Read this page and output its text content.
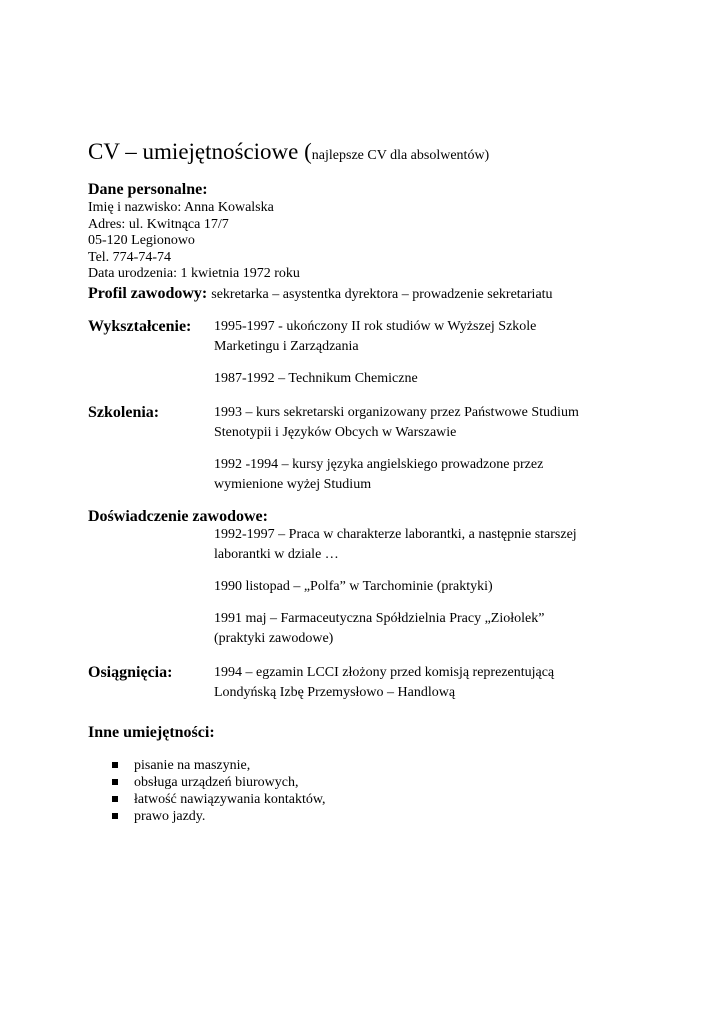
CV – umiejętnościowe (najlepsze CV dla absolwentów)
Dane personalne:
Imię i nazwisko: Anna Kowalska
Adres: ul. Kwitnąca 17/7
05-120 Legionowo
Tel. 774-74-74
Data urodzenia: 1 kwietnia 1972 roku
Profil zawodowy: sekretarka – asystentka dyrektora – prowadzenie sekretariatu
Wykształcenie:	1995-1997 - ukończony II rok studiów w Wyższej Szkole
Marketingu i Zarządzania
1987-1992 – Technikum Chemiczne
Szkolenia:	1993 – kurs sekretarski organizowany przez Państwowe Studium
Stenotypii i Języków Obcych w Warszawie
1992 -1994 – kursy języka angielskiego prowadzone przez
wymienione wyżej Studium
Doświadczenie zawodowe:
1992-1997 – Praca w charakterze laborantki, a następnie starszej
laborantki w dziale …
1990 listopad – „Polfa” w Tarchominie (praktyki)
1991 maj – Farmaceutyczna Spółdzielnia Pracy „Ziołolek”
(praktyki zawodowe)
Osiągnięcia:	1994 – egzamin LCCI złożony przed komisją reprezentującą
Londyńską Izbę Przemysłowo – Handlową
Inne umiejętności:
pisanie na maszynie,
obsługa urządzeń biurowych,
łatwość nawiązywania kontaktów,
prawo jazdy.
